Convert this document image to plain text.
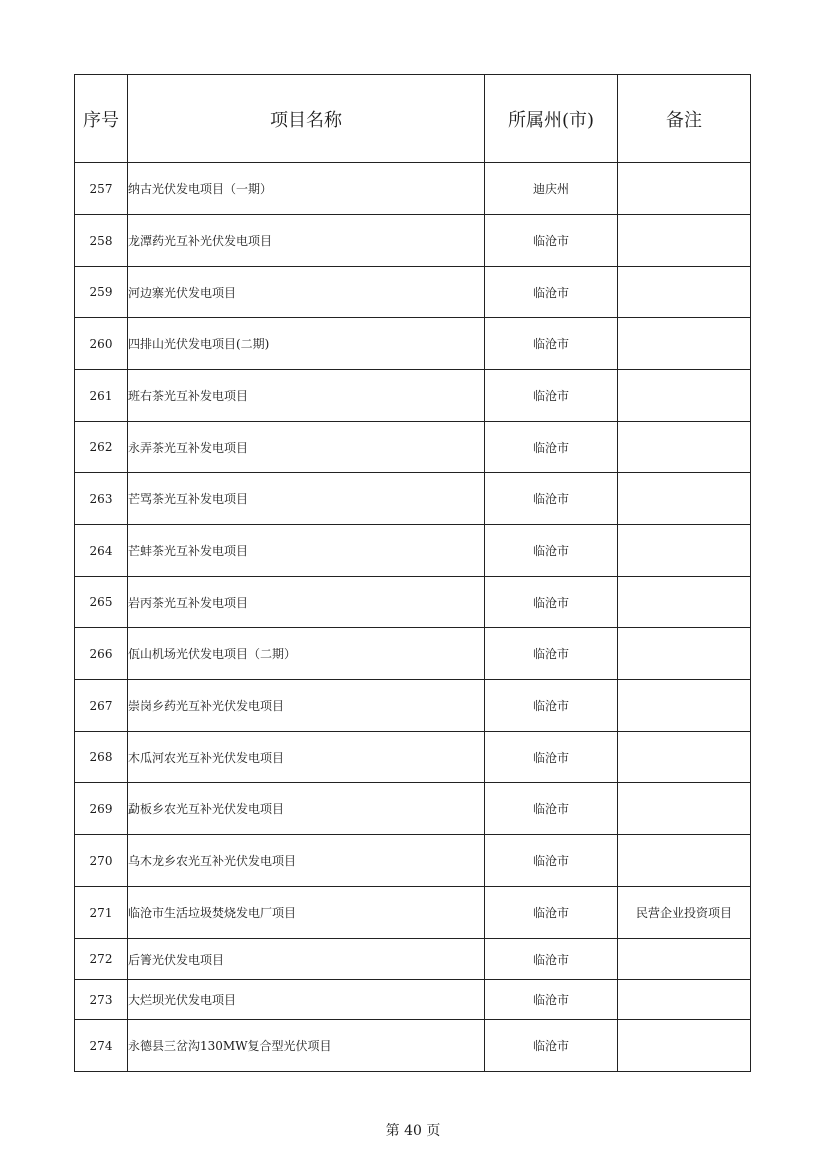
序号	项目名称	所属州(市)	备注
257	纳古光伏发电项目（一期）	迪庆州	
258	龙潭药光互补光伏发电项目	临沧市	
259	河边寨光伏发电项目	临沧市	
260	四排山光伏发电项目(二期)	临沧市	
261	班右茶光互补发电项目	临沧市	
262	永弄茶光互补发电项目	临沧市	
263	芒骂茶光互补发电项目	临沧市	
264	芒蚌茶光互补发电项目	临沧市	
265	岩丙茶光互补发电项目	临沧市	
266	佤山机场光伏发电项目（二期）	临沧市	
267	崇岗乡药光互补光伏发电项目	临沧市	
268	木瓜河农光互补光伏发电项目	临沧市	
269	勐板乡农光互补光伏发电项目	临沧市	
270	乌木龙乡农光互补光伏发电项目	临沧市	
271	临沧市生活垃圾焚烧发电厂项目	临沧市	民营企业投资项目
272	后箐光伏发电项目	临沧市	
273	大烂坝光伏发电项目	临沧市	
274	永德县三岔沟130MW复合型光伏项目	临沧市	
第 40 页
